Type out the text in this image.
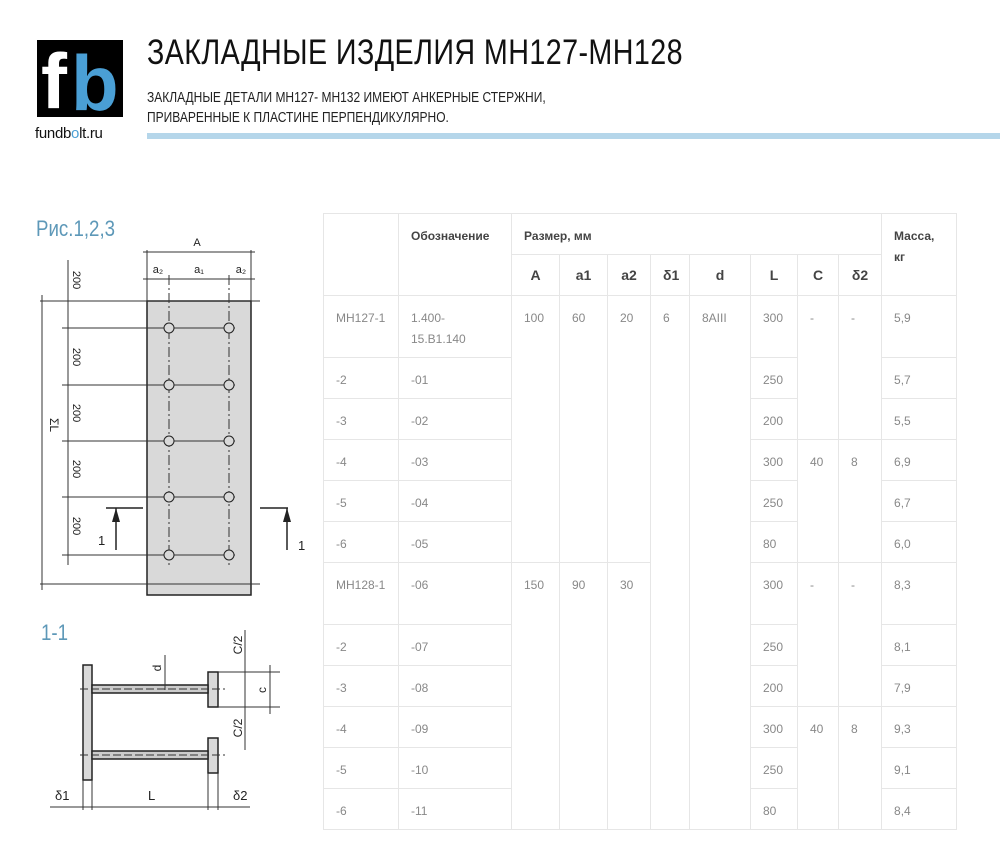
f b
fundbolt.ru
ЗАКЛАДНЫЕ ИЗДЕЛИЯ МН127-МН128
ЗАКЛАДНЫЕ ДЕТАЛИ МН127- МН132 ИМЕЮТ АНКЕРНЫЕ СТЕРЖНИ,
ПРИВАРЕННЫЕ К ПЛАСТИНЕ ПЕРПЕНДИКУЛЯРНО.
Рис.1,2,3
A
a₂	a₁	a₂
ΣL
200
200
200
200
200
1	1
1-1	C/2
C/2
c
d
δ1	L	δ2
	Обозначение	Размер, мм								Масса, кг
		A	a1	a2	δ1	d	L	C	δ2	
МН127-1	1.400-15.В1.140	100	60	20	6	8AIII	300	-	-	5,9
-2	-01						250			5,7
-3	-02						200			5,5
-4	-03						300	40	8	6,9
-5	-04						250			6,7
-6	-05						80			6,0
МН128-1	-06	150	90	30			300	-	-	8,3
-2	-07						250			8,1
-3	-08						200			7,9
-4	-09						300	40	8	9,3
-5	-10						250			9,1
-6	-11						80			8,4
